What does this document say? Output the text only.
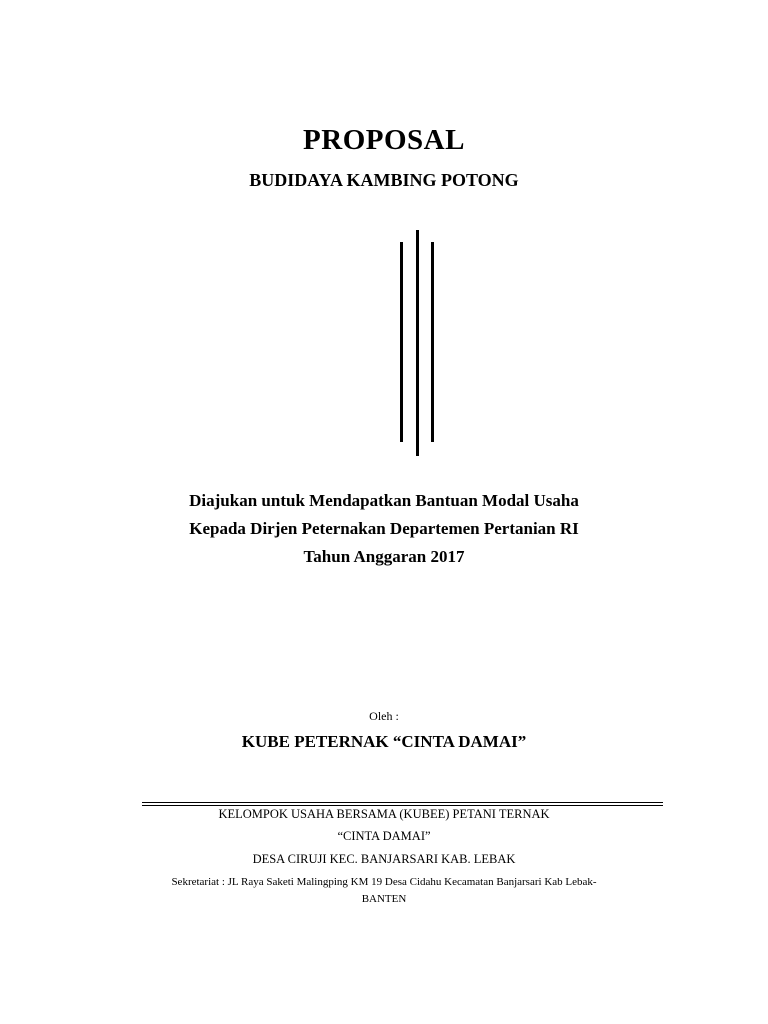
PROPOSAL
BUDIDAYA KAMBING POTONG
Diajukan untuk Mendapatkan Bantuan Modal Usaha
Kepada Dirjen Peternakan Departemen Pertanian RI
Tahun Anggaran 2017
Oleh :
KUBE PETERNAK “CINTA DAMAI”
KELOMPOK USAHA BERSAMA (KUBEE) PETANI TERNAK
“CINTA DAMAI”
DESA CIRUJI KEC. BANJARSARI KAB. LEBAK
Sekretariat : JL Raya Saketi Malingping KM 19 Desa Cidahu Kecamatan Banjarsari Kab Lebak-
BANTEN
